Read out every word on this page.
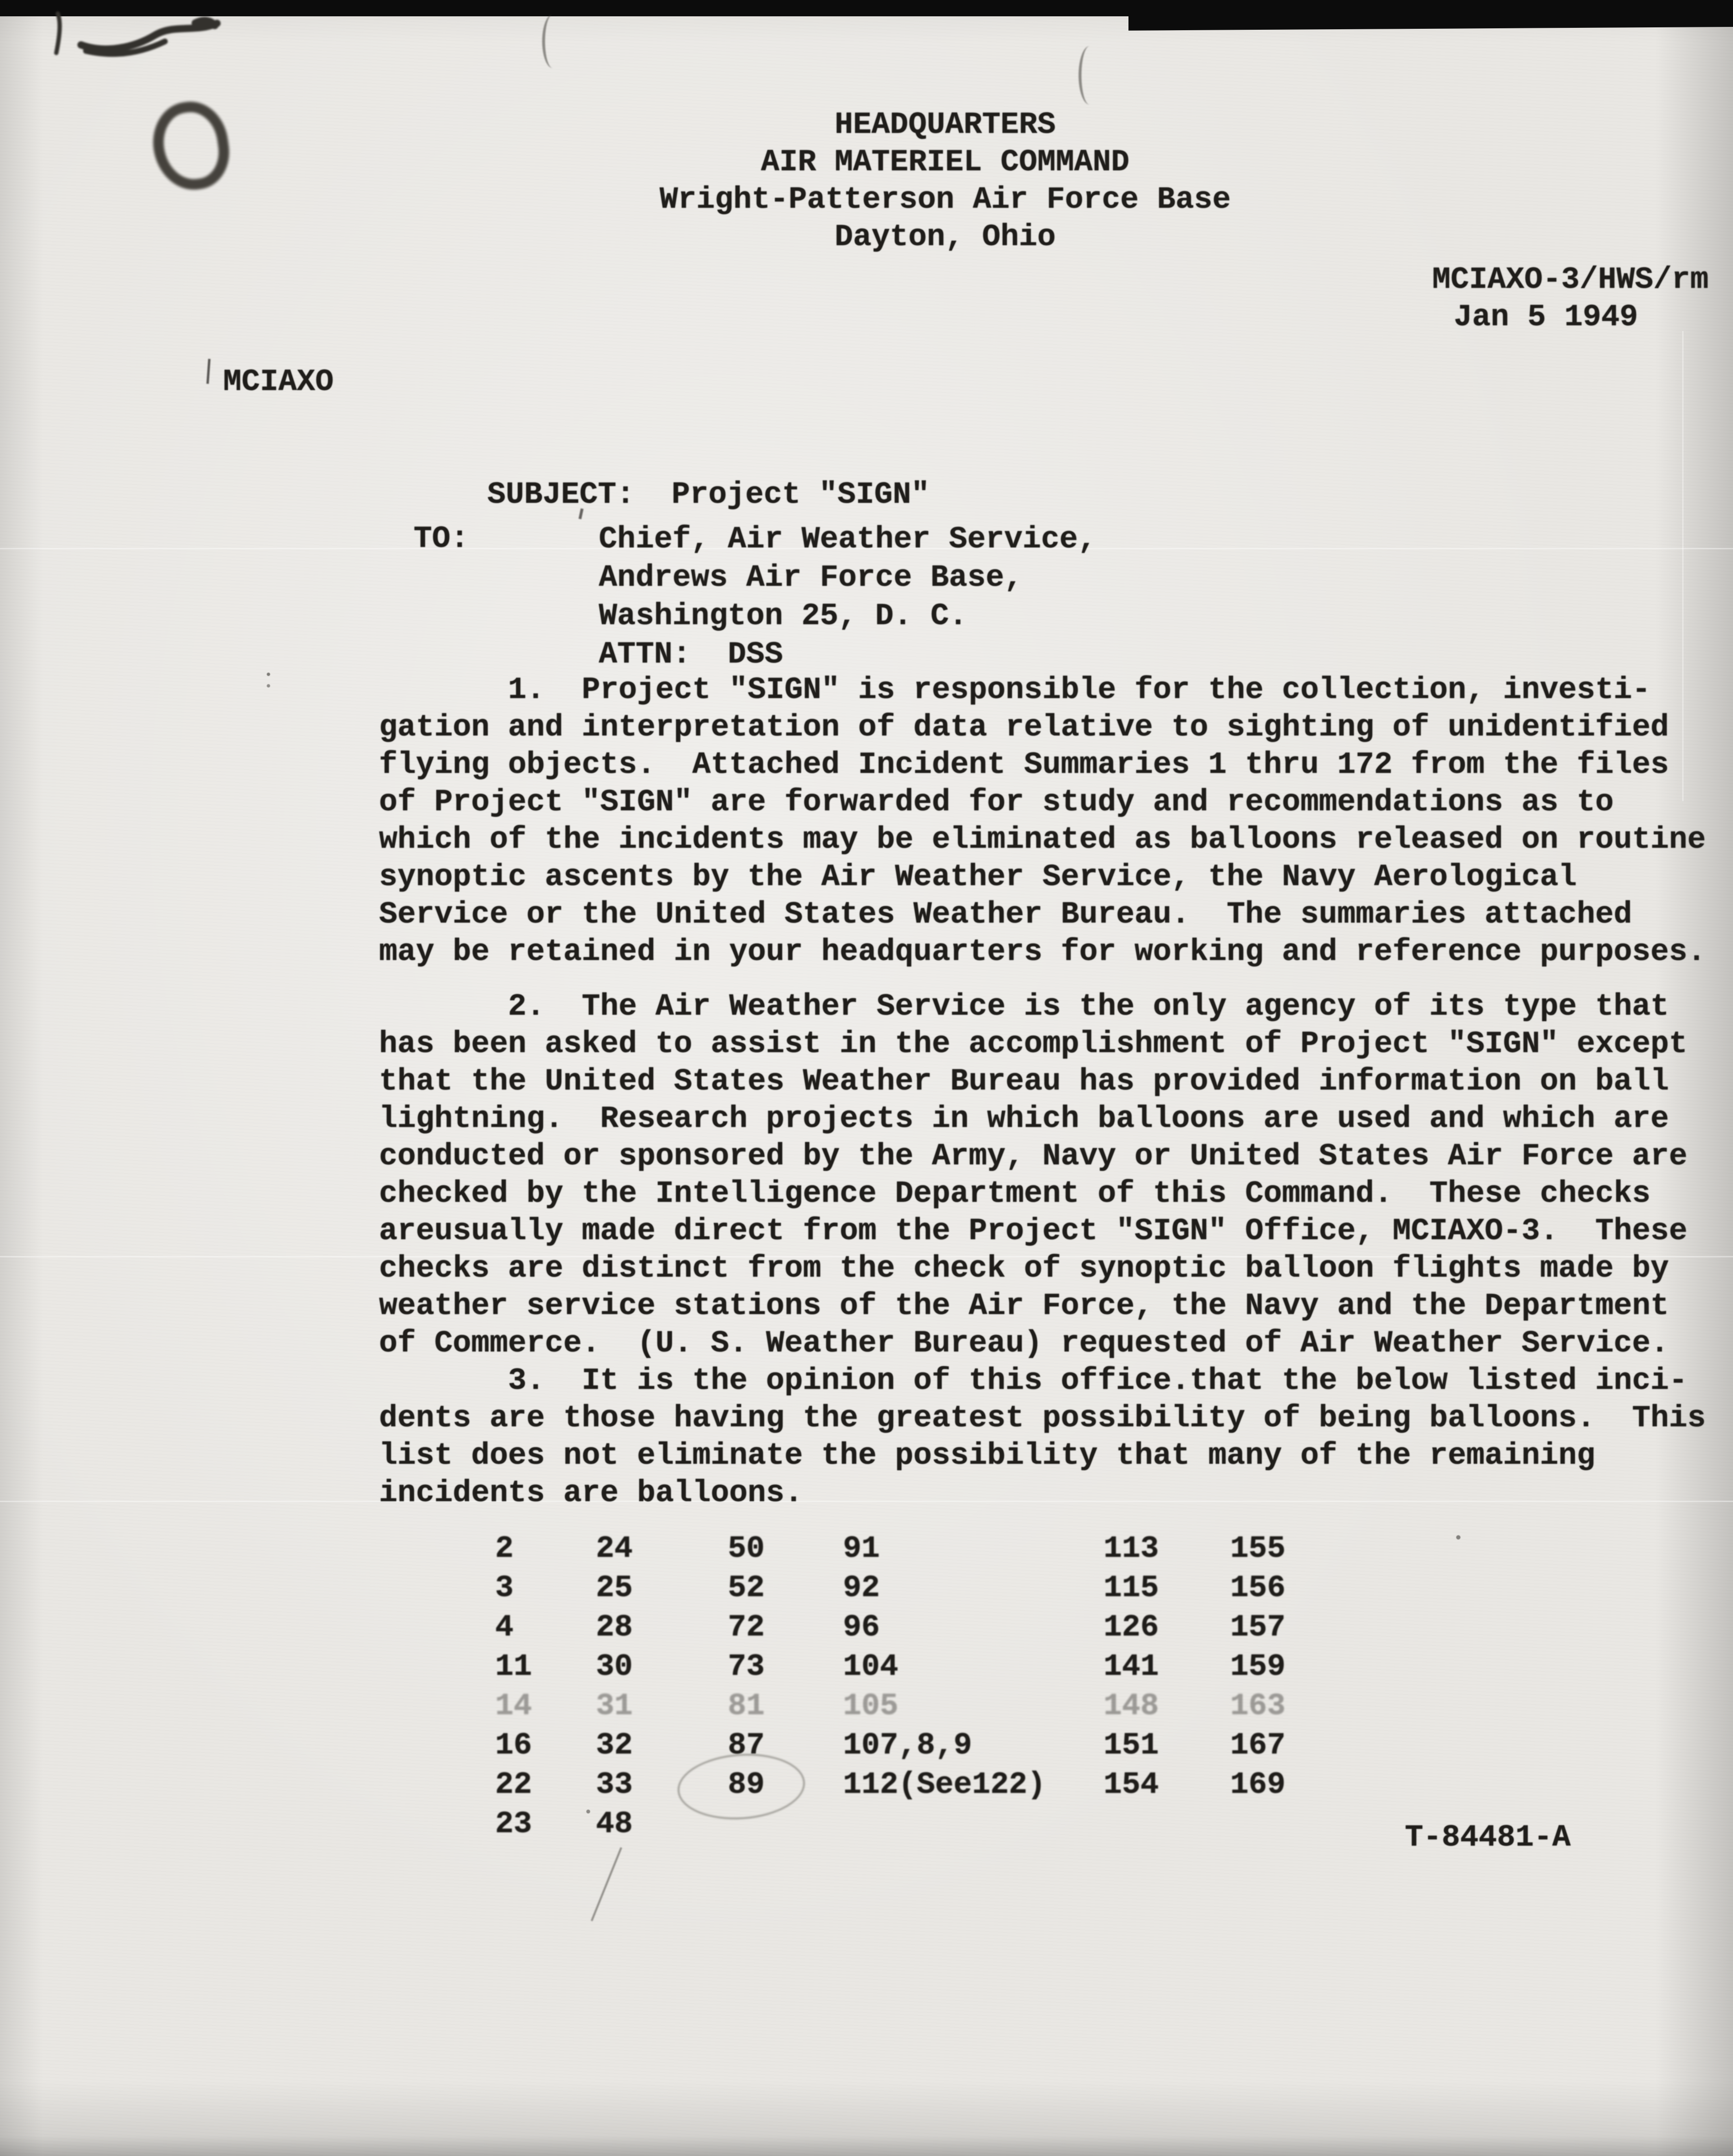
HEADQUARTERS
AIR MATERIEL COMMAND
Wright-Patterson Air Force Base
Dayton, Ohio
MCIAXO-3/HWS/rm
Jan 5 1949
MCIAXO

SUBJECT: Project "SIGN"

TO:	Chief, Air Weather Service,
Andrews Air Force Base,
Washington 25, D. C.
ATTN:  DSS
1.  Project "SIGN" is responsible for the collection, investi-
gation and interpretation of data relative to sighting of unidentified
flying objects.  Attached Incident Summaries 1 thru 172 from the files
of Project "SIGN" are forwarded for study and recommendations as to
which of the incidents may be eliminated as balloons released on routine
synoptic ascents by the Air Weather Service, the Navy Aerological
Service or the United States Weather Bureau.  The summaries attached
may be retained in your headquarters for working and reference purposes.
2.  The Air Weather Service is the only agency of its type that
has been asked to assist in the accomplishment of Project "SIGN" except
that the United States Weather Bureau has provided information on ball
lightning.  Research projects in which balloons are used and which are
conducted or sponsored by the Army, Navy or United States Air Force are
checked by the Intelligence Department of this Command.  These checks
areusually made direct from the Project "SIGN" Office, MCIAXO-3.  These
checks are distinct from the check of synoptic balloon flights made by
weather service stations of the Air Force, the Navy and the Department
of Commerce.  (U. S. Weather Bureau) requested of Air Weather Service.
3.  It is the opinion of this office.that the below listed inci-
dents are those having the greatest possibility of being balloons.  This
list does not eliminate the possibility that many of the remaining
incidents are balloons.
2	24	50	91	113 155
3	25	52	92	115 156
4	28	72	96	126 157
11 30	73	104	141 159
14 31	81	105	148 163
16 32	87	107,8,9	151 167
22 33	89	112(See122) 154 169
23 48	T-84481-A
